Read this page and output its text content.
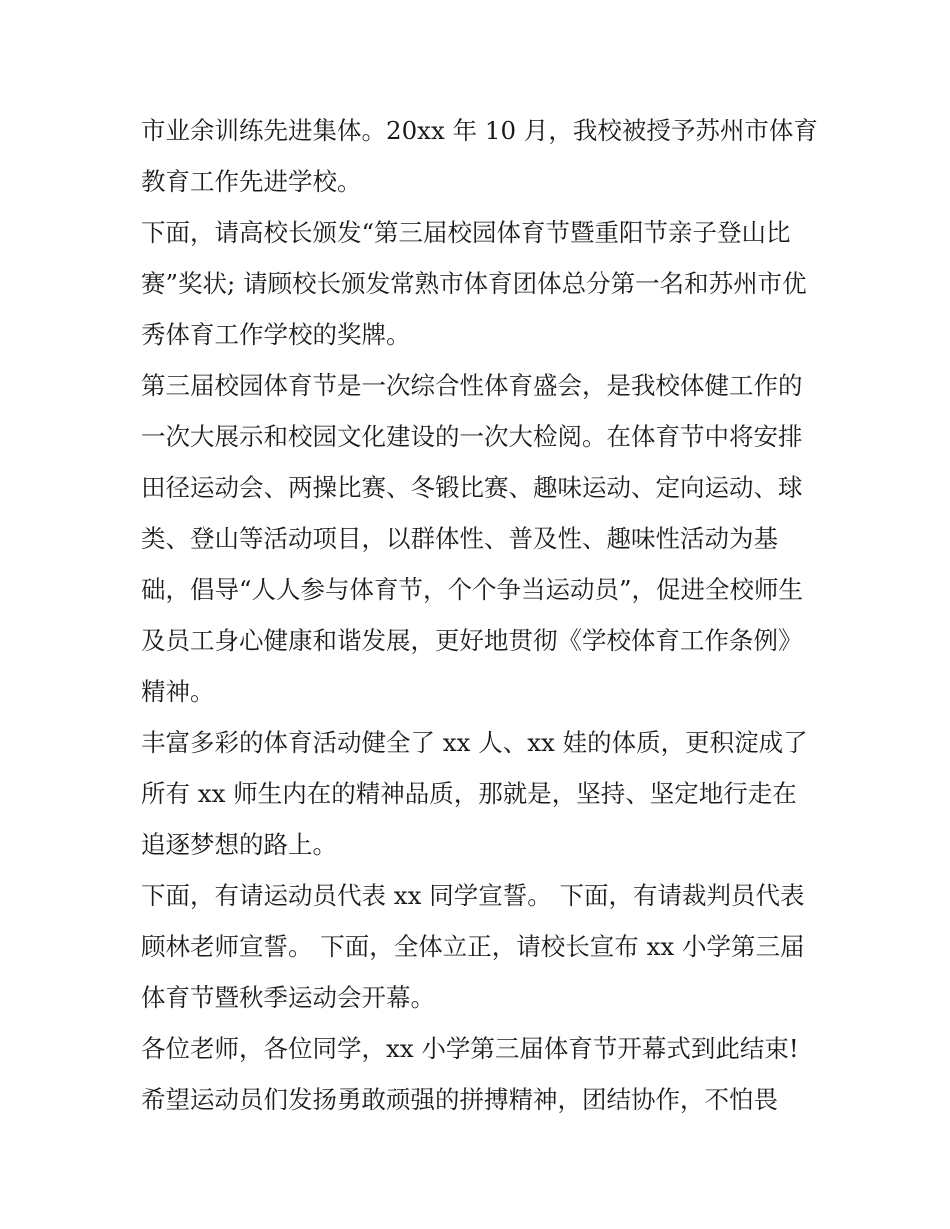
市业余训练先进集体。20xx 年 10 月，我校被授予苏州市体育
教育工作先进学校。
下面，请高校长颁发“第三届校园体育节暨重阳节亲子登山比
赛”奖状; 请顾校长颁发常熟市体育团体总分第一名和苏州市优
秀体育工作学校的奖牌。
第三届校园体育节是一次综合性体育盛会，是我校体健工作的
一次大展示和校园文化建设的一次大检阅。在体育节中将安排
田径运动会、两操比赛、冬锻比赛、趣味运动、定向运动、球
类、登山等活动项目，以群体性、普及性、趣味性活动为基
础，倡导“人人参与体育节，个个争当运动员”，促进全校师生
及员工身心健康和谐发展，更好地贯彻《学校体育工作条例》
精神。
丰富多彩的体育活动健全了 xx 人、xx 娃的体质，更积淀成了
所有 xx 师生内在的精神品质，那就是，坚持、坚定地行走在
追逐梦想的路上。
下面，有请运动员代表 xx 同学宣誓。 下面，有请裁判员代表
顾林老师宣誓。 下面，全体立正，请校长宣布 xx 小学第三届
体育节暨秋季运动会开幕。
各位老师，各位同学，xx 小学第三届体育节开幕式到此结束!
希望运动员们发扬勇敢顽强的拼搏精神，团结协作，不怕畏
